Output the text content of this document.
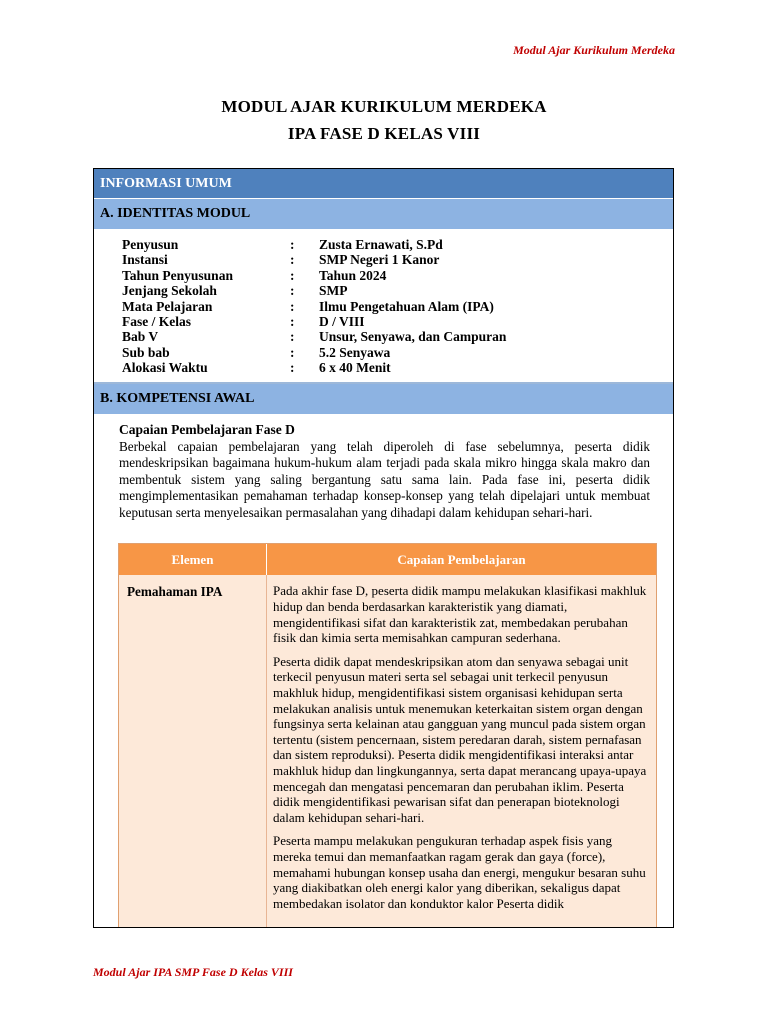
Modul Ajar Kurikulum Merdeka
MODUL AJAR KURIKULUM MERDEKA
IPA FASE D KELAS VIII
INFORMASI UMUM
A. IDENTITAS MODUL
Penyusun	:	Zusta Ernawati, S.Pd
Instansi	:	SMP Negeri 1 Kanor
Tahun Penyusunan	:	Tahun 2024
Jenjang Sekolah	:	SMP
Mata Pelajaran	:	Ilmu Pengetahuan Alam (IPA)
Fase / Kelas	:	D / VIII
Bab V	:	Unsur, Senyawa, dan Campuran
Sub bab	:	5.2 Senyawa
Alokasi Waktu	:	6 x 40 Menit
B. KOMPETENSI AWAL
Capaian Pembelajaran Fase D
Berbekal capaian pembelajaran yang telah diperoleh di fase sebelumnya, peserta didik mendeskripsikan bagaimana hukum-hukum alam terjadi pada skala mikro hingga skala makro dan membentuk sistem yang saling bergantung satu sama lain. Pada fase ini, peserta didik mengimplementasikan pemahaman terhadap konsep-konsep yang telah dipelajari untuk membuat keputusan serta menyelesaikan permasalahan yang dihadapi dalam kehidupan sehari-hari.
Elemen	Capaian Pembelajaran
Pemahaman IPA	Pada akhir fase D, peserta didik mampu melakukan klasifikasi makhluk hidup dan benda berdasarkan karakteristik yang diamati, mengidentifikasi sifat dan karakteristik zat, membedakan perubahan fisik dan kimia serta memisahkan campuran sederhana.

Peserta didik dapat mendeskripsikan atom dan senyawa sebagai unit terkecil penyusun materi serta sel sebagai unit terkecil penyusun makhluk hidup, mengidentifikasi sistem organisasi kehidupan serta melakukan analisis untuk menemukan keterkaitan sistem organ dengan fungsinya serta kelainan atau gangguan yang muncul pada sistem organ tertentu (sistem pencernaan, sistem peredaran darah, sistem pernafasan dan sistem reproduksi). Peserta didik mengidentifikasi interaksi antar makhluk hidup dan lingkungannya, serta dapat merancang upaya-upaya mencegah dan mengatasi pencemaran dan perubahan iklim. Peserta didik mengidentifikasi pewarisan sifat dan penerapan bioteknologi dalam kehidupan sehari-hari.

Peserta mampu melakukan pengukuran terhadap aspek fisis yang mereka temui dan memanfaatkan ragam gerak dan gaya (force), memahami hubungan konsep usaha dan energi, mengukur besaran suhu yang diakibatkan oleh energi kalor yang diberikan, sekaligus dapat membedakan isolator dan konduktor kalor Peserta didik

Modul Ajar IPA SMP Fase D Kelas VIII
